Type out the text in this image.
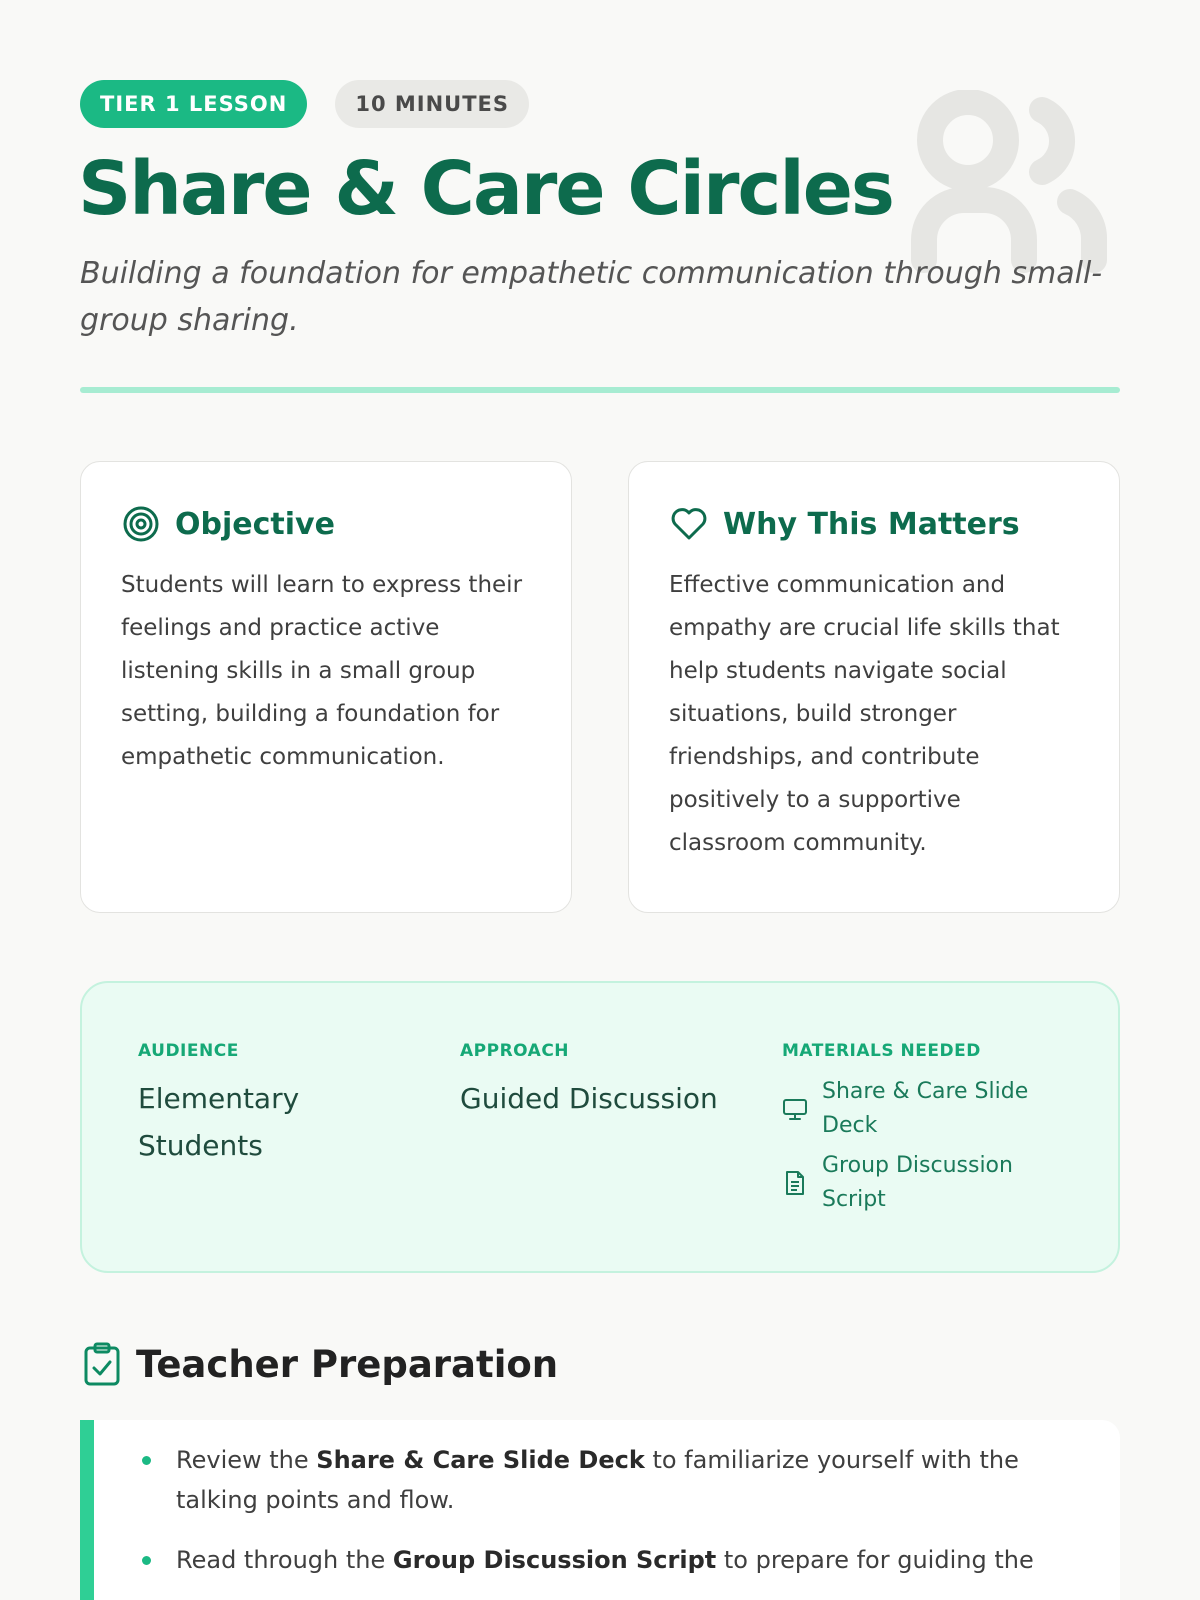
TIER 1 LESSON	10 MINUTES
Share & Care Circles

Building a foundation for empathetic communication through small-group sharing.

Objective

Students will learn to express their feelings and practice active listening skills in a small group setting, building a foundation for empathetic communication.

Why This Matters

Effective communication and empathy are crucial life skills that help students navigate social situations, build stronger friendships, and contribute positively to a supportive classroom community.

AUDIENCE
Elementary Students
APPROACH
Guided Discussion
MATERIALS NEEDED
Share & Care Slide Deck
Group Discussion Script
Teacher Preparation
Review the Share & Care Slide Deck to familiarize yourself with the talking points and flow.
Read through the Group Discussion Script to prepare for guiding the
